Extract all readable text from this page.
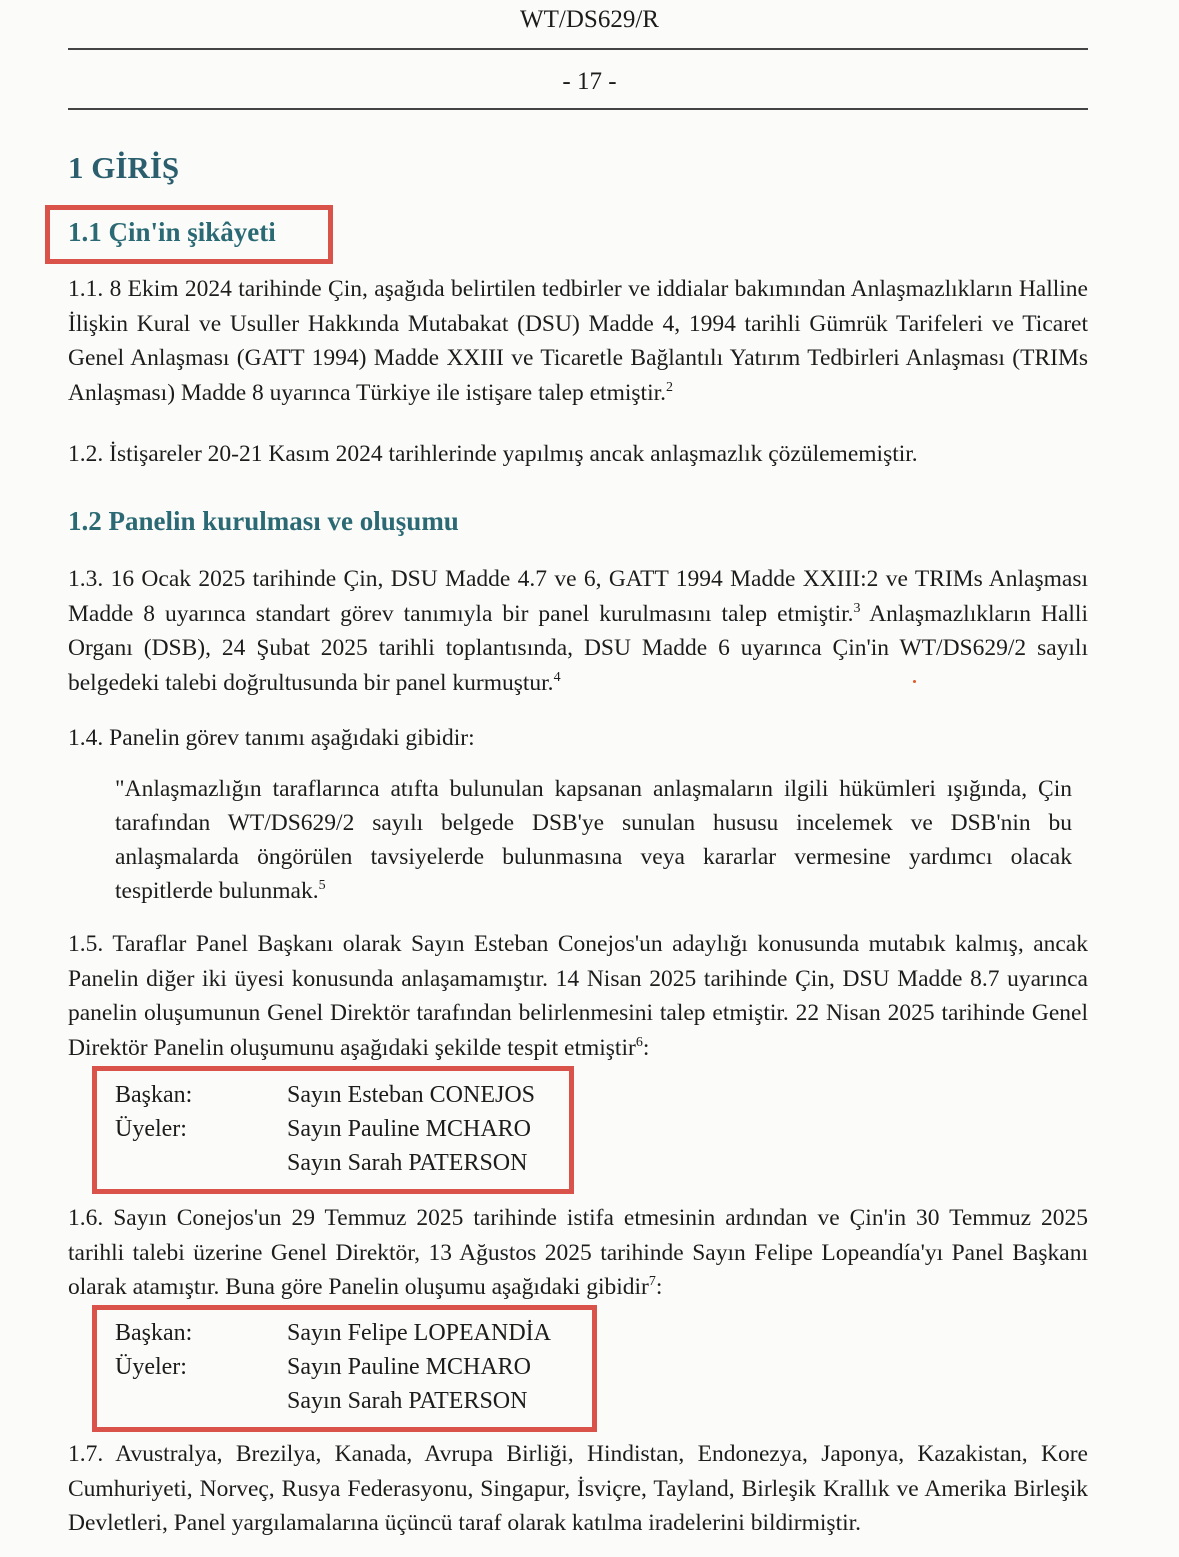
WT/DS629/R
- 17 -
1 GİRİŞ
1.1 Çin'in şikâyeti
1.1. 8 Ekim 2024 tarihinde Çin, aşağıda belirtilen tedbirler ve iddialar bakımından Anlaşmazlıkların Halline İlişkin Kural ve Usuller Hakkında Mutabakat (DSU) Madde 4, 1994 tarihli Gümrük Tarifeleri ve Ticaret Genel Anlaşması (GATT 1994) Madde XXIII ve Ticaretle Bağlantılı Yatırım Tedbirleri Anlaşması (TRIMs Anlaşması) Madde 8 uyarınca Türkiye ile istişare talep etmiştir.$^2$
1.2. İstişareler 20-21 Kasım 2024 tarihlerinde yapılmış ancak anlaşmazlık çözülememiştir.
1.2 Panelin kurulması ve oluşumu
1.3. 16 Ocak 2025 tarihinde Çin, DSU Madde 4.7 ve 6, GATT 1994 Madde XXIII:2 ve TRIMs Anlaşması Madde 8 uyarınca standart görev tanımıyla bir panel kurulmasını talep etmiştir.$^3$ Anlaşmazlıkların Halli Organı (DSB), 24 Şubat 2025 tarihli toplantısında, DSU Madde 6 uyarınca Çin'in WT/DS629/2 sayılı belgedeki talebi doğrultusunda bir panel kurmuştur.$^4$
1.4. Panelin görev tanımı aşağıdaki gibidir:
"Anlaşmazlığın taraflarınca atıfta bulunulan kapsanan anlaşmaların ilgili hükümleri ışığında, Çin tarafından WT/DS629/2 sayılı belgede DSB'ye sunulan hususu incelemek ve DSB'nin bu anlaşmalarda öngörülen tavsiyelerde bulunmasına veya kararlar vermesine yardımcı olacak tespitlerde bulunmak.$^5$
1.5. Taraflar Panel Başkanı olarak Sayın Esteban Conejos'un adaylığı konusunda mutabık kalmış, ancak Panelin diğer iki üyesi konusunda anlaşamamıştır. 14 Nisan 2025 tarihinde Çin, DSU Madde 8.7 uyarınca panelin oluşumunun Genel Direktör tarafından belirlenmesini talep etmiştir. 22 Nisan 2025 tarihinde Genel Direktör Panelin oluşumunu aşağıdaki şekilde tespit etmiştir$^6$:
Başkan:	Sayın Esteban CONEJOS
Üyeler:	Sayın Pauline MCHARO
Sayın Sarah PATERSON
1.6. Sayın Conejos'un 29 Temmuz 2025 tarihinde istifa etmesinin ardından ve Çin'in 30 Temmuz 2025 tarihli talebi üzerine Genel Direktör, 13 Ağustos 2025 tarihinde Sayın Felipe Lopeandía'yı Panel Başkanı olarak atamıştır. Buna göre Panelin oluşumu aşağıdaki gibidir$^7$:
Başkan:	Sayın Felipe LOPEANDİA
Üyeler:	Sayın Pauline MCHARO
Sayın Sarah PATERSON
1.7. Avustralya, Brezilya, Kanada, Avrupa Birliği, Hindistan, Endonezya, Japonya, Kazakistan, Kore Cumhuriyeti, Norveç, Rusya Federasyonu, Singapur, İsviçre, Tayland, Birleşik Krallık ve Amerika Birleşik Devletleri, Panel yargılamalarına üçüncü taraf olarak katılma iradelerini bildirmiştir.
